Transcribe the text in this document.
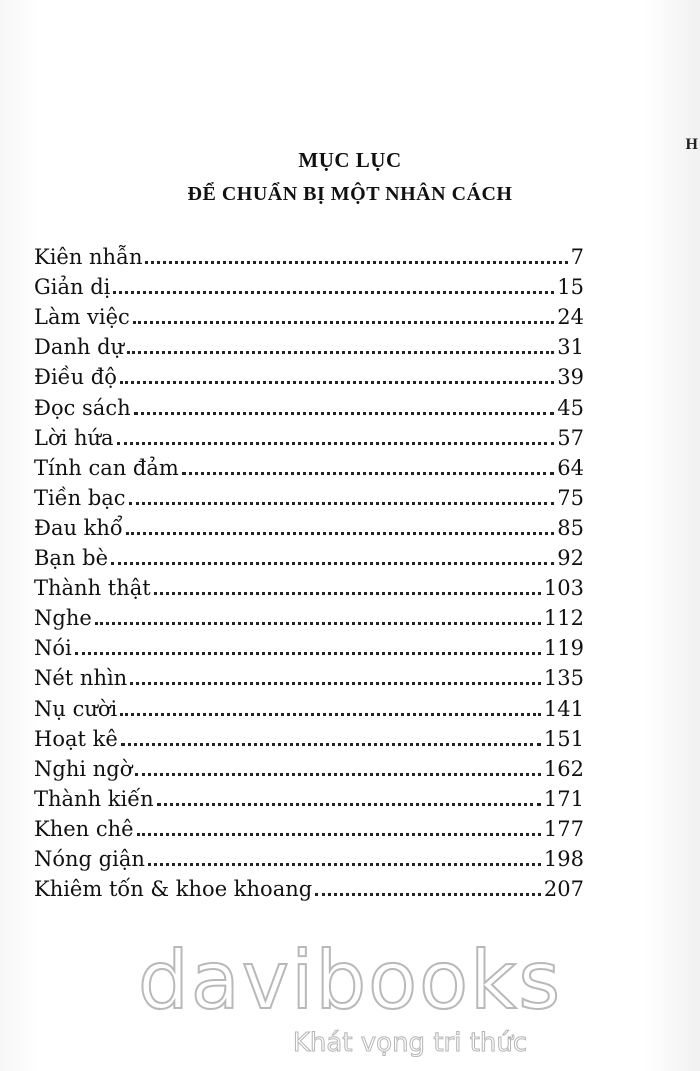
H
MỤC LỤC
ĐỂ CHUẨN BỊ MỘT NHÂN CÁCH
Kiên nhẫn	7
Giản dị	15
Làm việc	24
Danh dự	31
Điều độ	39
Đọc sách	45
Lời hứa	57
Tính can đảm	64
Tiền bạc	75
Đau khổ	85
Bạn bè	92
Thành thật	103
Nghe	112
Nói	119
Nét nhìn	135
Nụ cười	141
Hoạt kê	151
Nghi ngờ	162
Thành kiến	171
Khen chê	177
Nóng giận	198
Khiêm tốn & khoe khoang	207
davibooks
Khát vọng tri thức
